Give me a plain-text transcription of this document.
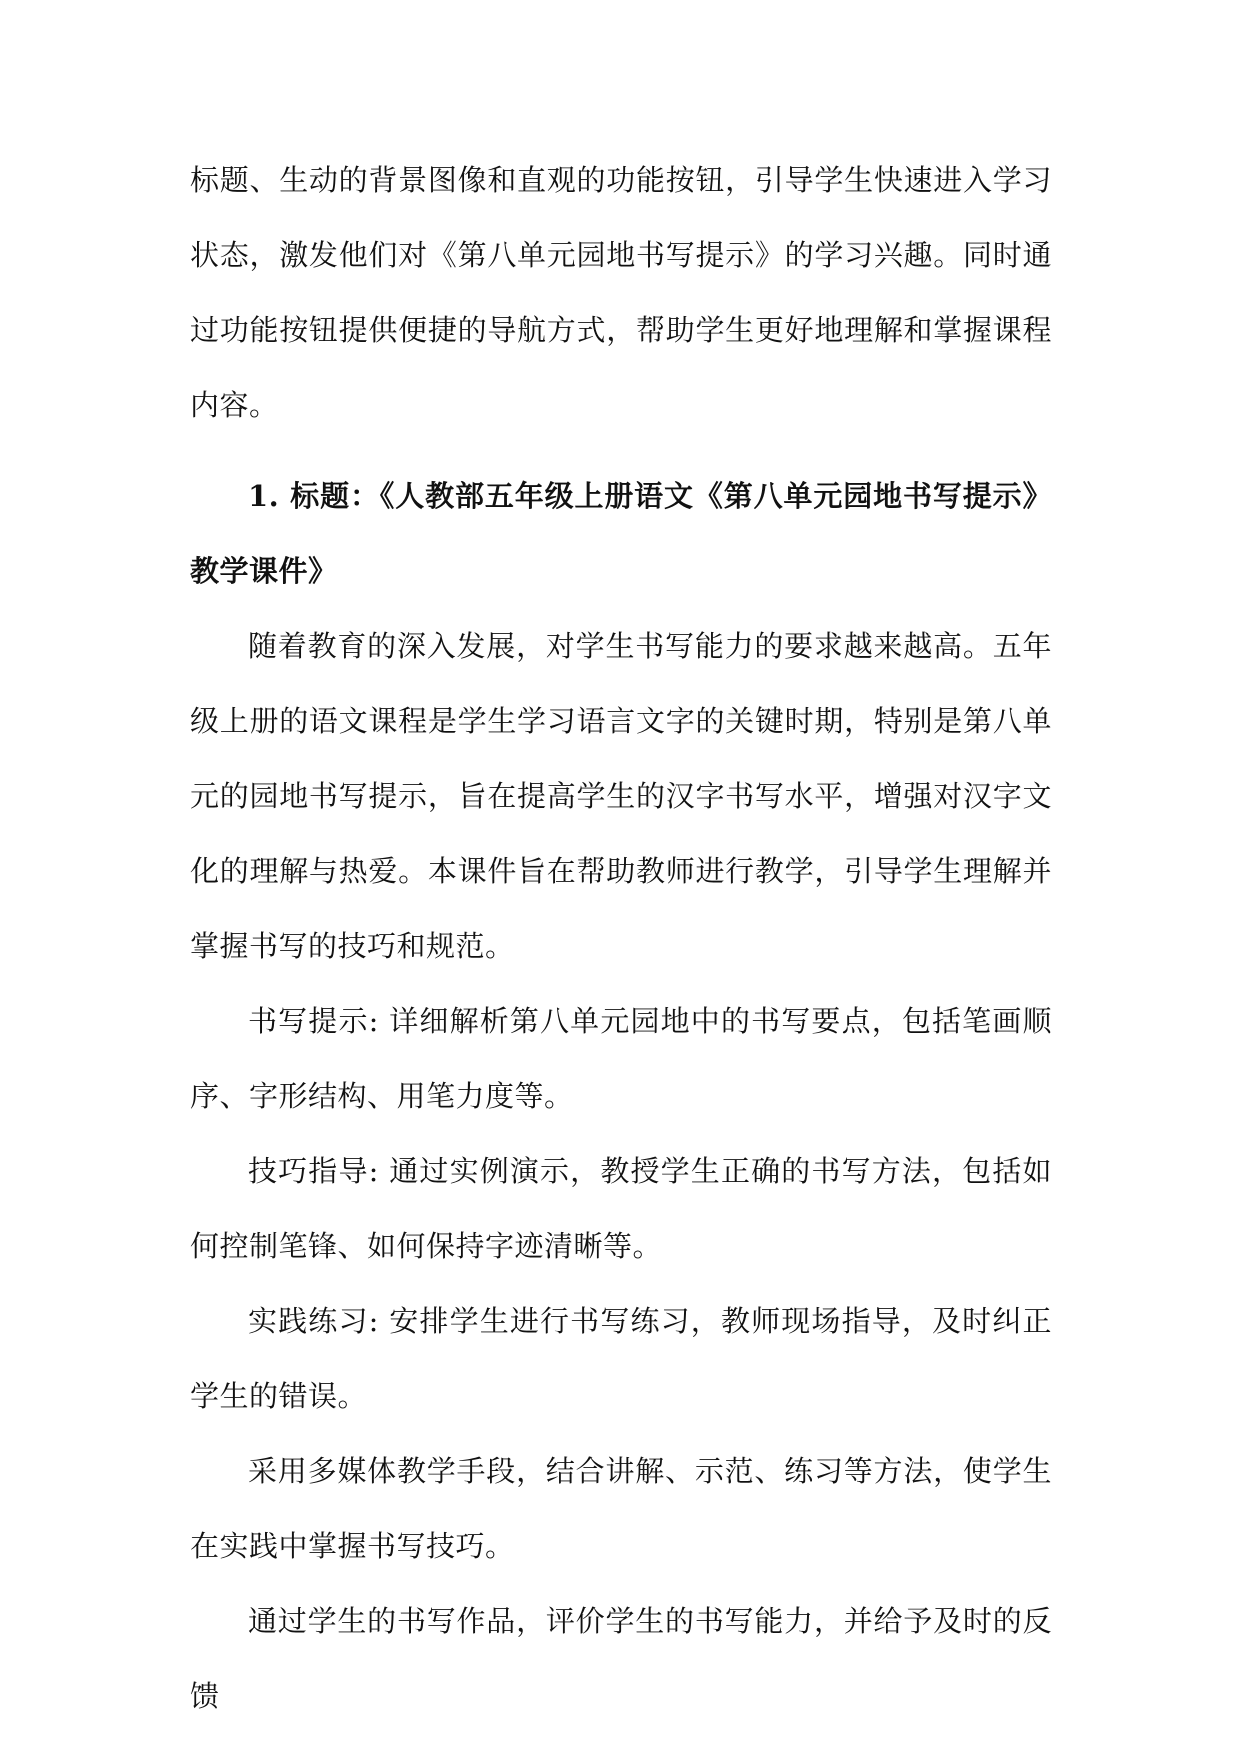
标题、生动的背景图像和直观的功能按钮，引导学生快速进入学习状态，激发他们对《第八单元园地书写提示》的学习兴趣。同时通过功能按钮提供便捷的导航方式，帮助学生更好地理解和掌握课程内容。

1. 标题：《人教部五年级上册语文《第八单元园地书写提示》教学课件》

随着教育的深入发展，对学生书写能力的要求越来越高。五年级上册的语文课程是学生学习语言文字的关键时期，特别是第八单元的园地书写提示，旨在提高学生的汉字书写水平，增强对汉字文化的理解与热爱。本课件旨在帮助教师进行教学，引导学生理解并掌握书写的技巧和规范。

书写提示: 详细解析第八单元园地中的书写要点，包括笔画顺序、字形结构、用笔力度等。

技巧指导: 通过实例演示，教授学生正确的书写方法，包括如何控制笔锋、如何保持字迹清晰等。

实践练习: 安排学生进行书写练习，教师现场指导，及时纠正学生的错误。

采用多媒体教学手段，结合讲解、示范、练习等方法，使学生在实践中掌握书写技巧。

通过学生的书写作品，评价学生的书写能力，并给予及时的反馈
